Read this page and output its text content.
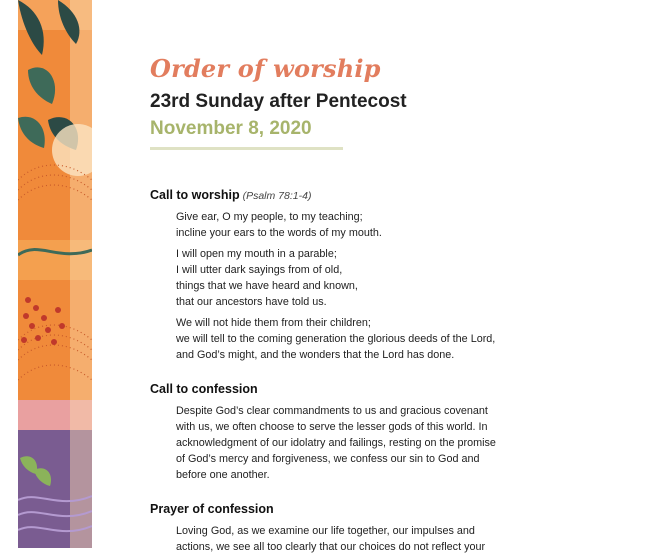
Order of worship
23rd Sunday after Pentecost
November 8, 2020

Call to worship (Psalm 78:1-4)

Give ear, O my people, to my teaching;
incline your ears to the words of my mouth.
I will open my mouth in a parable;
I will utter dark sayings from of old,
things that we have heard and known,
that our ancestors have told us.
We will not hide them from their children;
we will tell to the coming generation the glorious deeds of the Lord,
and God’s might, and the wonders that the Lord has done.

Call to confession

Despite God’s clear commandments to us and gracious covenant
with us, we often choose to serve the lesser gods of this world. In
acknowledgment of our idolatry and failings, resting on the promise
of God’s mercy and forgiveness, we confess our sin to God and
before one another.

Prayer of confession

Loving God, as we examine our life together, our impulses and
actions, we see all too clearly that our choices do not reflect your
